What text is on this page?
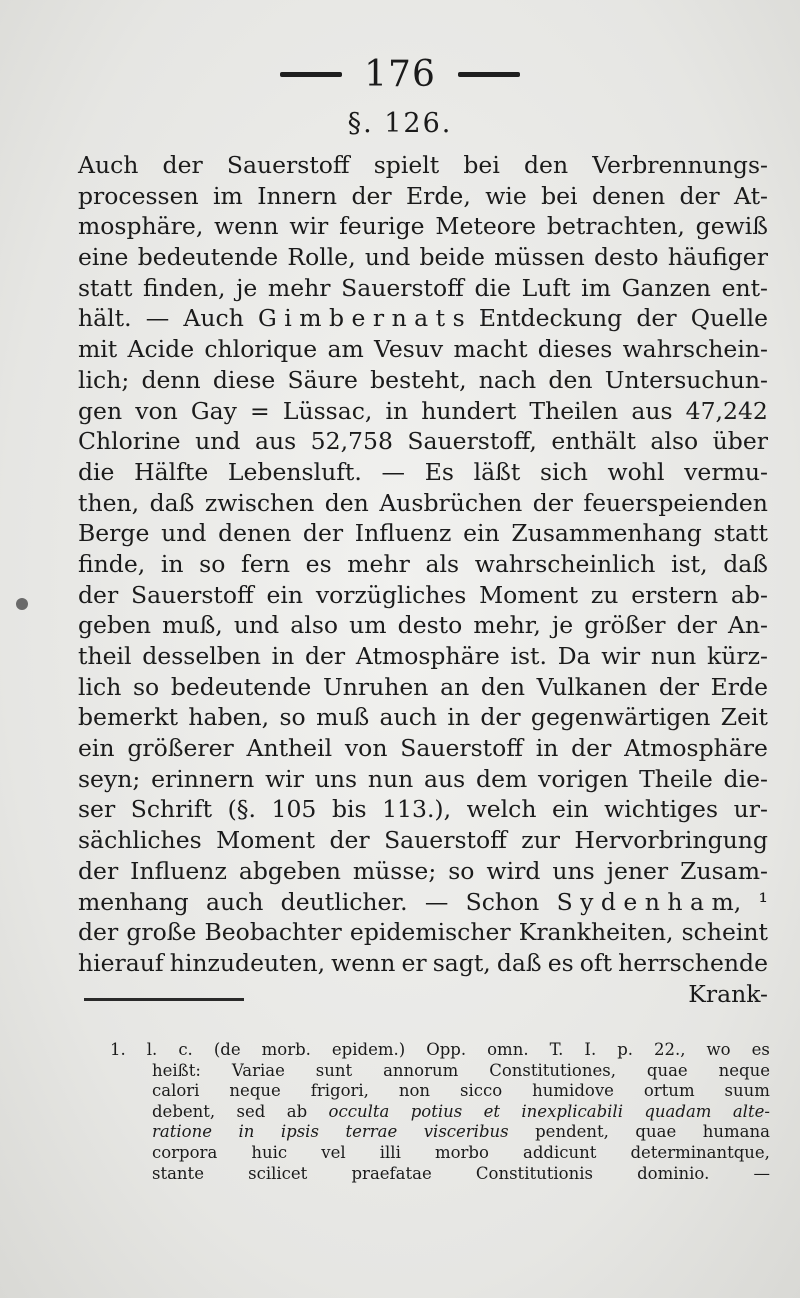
176
§. 126.
Auch der Sauerstoff spielt bei den Verbrennungs-
processen im Innern der Erde, wie bei denen der At-
mosphäre, wenn wir feurige Meteore betrachten, gewiß
eine bedeutende Rolle, und beide müssen desto häufiger
statt finden, je mehr Sauerstoff die Luft im Ganzen ent-
hält. — Auch G i m b e r n a t s Entdeckung der Quelle
mit Acide chlorique am Vesuv macht dieses wahrschein-
lich; denn diese Säure besteht, nach den Untersuchun-
gen von Gay = Lüssac, in hundert Theilen aus 47,242
Chlorine und aus 52,758 Sauerstoff, enthält also über
die Hälfte Lebensluft. — Es läßt sich wohl vermu-
then, daß zwischen den Ausbrüchen der feuerspeienden
Berge und denen der Influenz ein Zusammenhang statt
finde, in so fern es mehr als wahrscheinlich ist, daß
der Sauerstoff ein vorzügliches Moment zu erstern ab-
geben muß, und also um desto mehr, je größer der An-
theil desselben in der Atmosphäre ist. Da wir nun kürz-
lich so bedeutende Unruhen an den Vulkanen der Erde
bemerkt haben, so muß auch in der gegenwärtigen Zeit
ein größerer Antheil von Sauerstoff in der Atmosphäre
seyn; erinnern wir uns nun aus dem vorigen Theile die-
ser Schrift (§. 105 bis 113.), welch ein wichtiges ur-
sächliches Moment der Sauerstoff zur Hervorbringung
der Influenz abgeben müsse; so wird uns jener Zusam-
menhang auch deutlicher. — Schon S y d e n h a m, ¹
der große Beobachter epidemischer Krankheiten, scheint
hierauf hinzudeuten, wenn er sagt, daß es oft herrschende
Krank-
1. l. c. (de morb. epidem.) Opp. omn. T. I. p. 22., wo es
heißt: Variae sunt annorum Constitutiones, quae neque
calori neque frigori, non sicco humidove ortum suum
debent, sed ab occulta potius et inexplicabili quadam alte-
ratione in ipsis terrae visceribus pendent, quae humana
corpora huic vel illi morbo addicunt determinantque,
stante	scilicet	praefatae	Constitutionis	dominio.	—
